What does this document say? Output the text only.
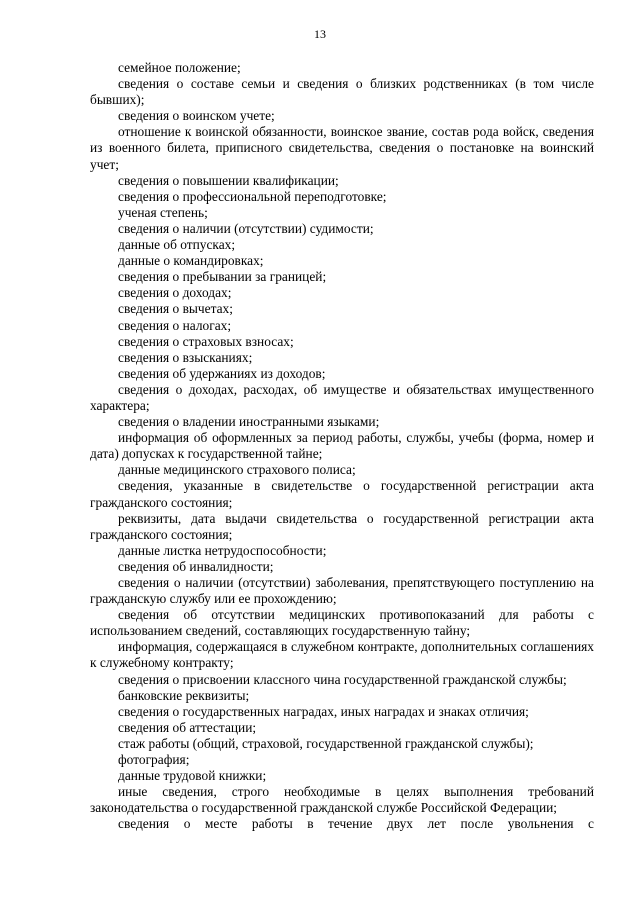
13

семейное положение;

сведения о составе семьи и сведения о близких родственниках (в том числе бывших);

сведения о воинском учете;

отношение к воинской обязанности, воинское звание, состав рода войск, сведения из военного билета, приписного свидетельства, сведения о постановке на воинский учет;

сведения о повышении квалификации;

сведения о профессиональной переподготовке;

ученая степень;

сведения о наличии (отсутствии) судимости;

данные об отпусках;

данные о командировках;

сведения о пребывании за границей;

сведения о доходах;

сведения о вычетах;

сведения о налогах;

сведения о страховых взносах;

сведения о взысканиях;

сведения об удержаниях из доходов;

сведения о доходах, расходах, об имуществе и обязательствах имущественного характера;

сведения о владении иностранными языками;

информация об оформленных за период работы, службы, учебы (форма, номер и дата) допусках к государственной тайне;

данные медицинского страхового полиса;

сведения, указанные в свидетельстве о государственной регистрации акта гражданского состояния;

реквизиты, дата выдачи свидетельства о государственной регистрации акта гражданского состояния;

данные листка нетрудоспособности;

сведения об инвалидности;

сведения о наличии (отсутствии) заболевания, препятствующего поступлению на гражданскую службу или ее прохождению;

сведения об отсутствии медицинских противопоказаний для работы с использованием сведений, составляющих государственную тайну;

информация, содержащаяся в служебном контракте, дополнительных соглашениях к служебному контракту;

сведения о присвоении классного чина государственной гражданской службы;

банковские реквизиты;

сведения о государственных наградах, иных наградах и знаках отличия;

сведения об аттестации;

стаж работы (общий, страховой, государственной гражданской службы);

фотография;

данные трудовой книжки;

иные сведения, строго необходимые в целях выполнения требований законодательства о государственной гражданской службе Российской Федерации;

сведения о месте работы в течение двух лет после увольнения с
